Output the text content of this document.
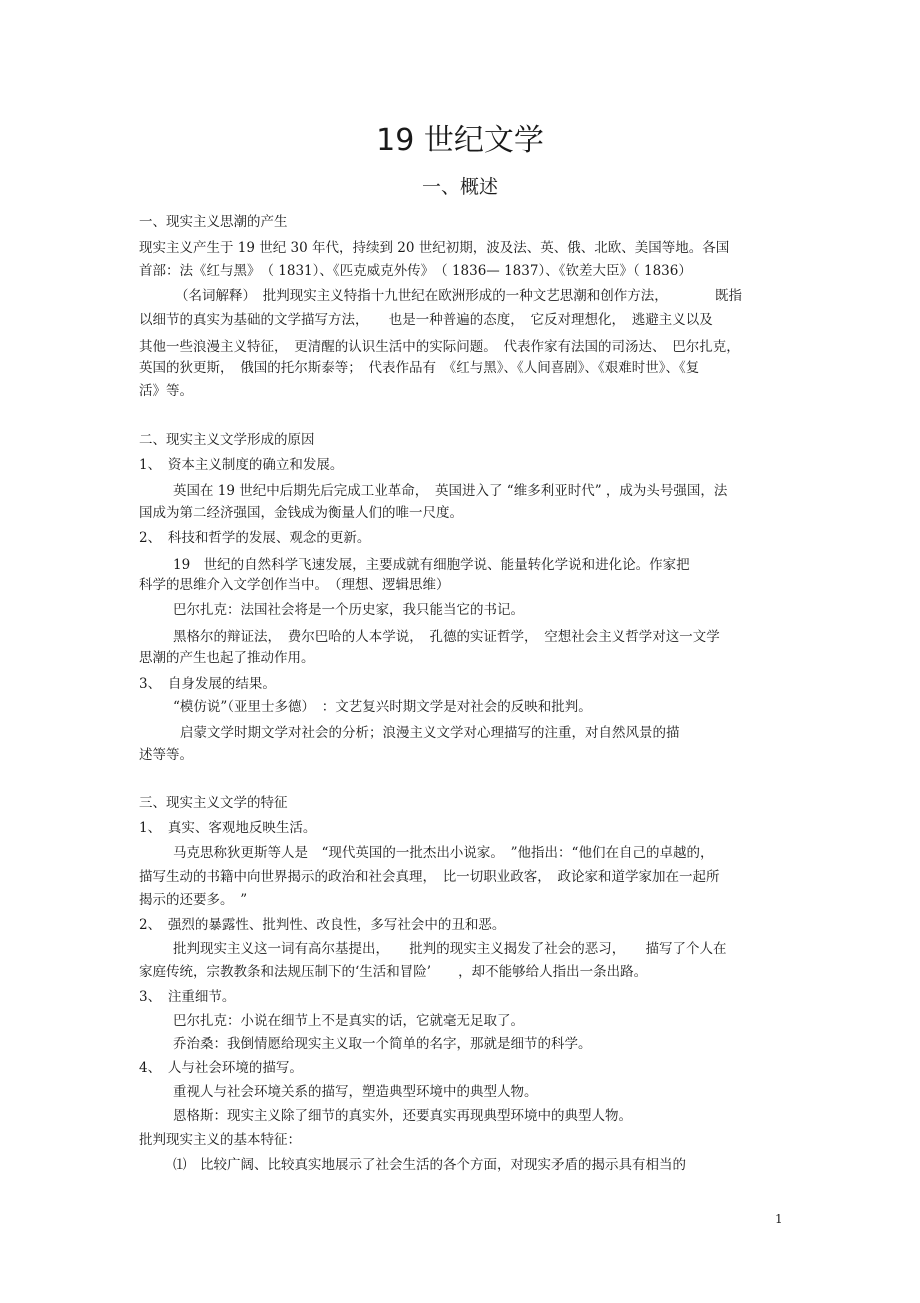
19 世纪文学
一、概述
一、现实主义思潮的产生
现实主义产生于 19 世纪 30 年代，持续到 20 世纪初期，波及法、英、俄、北欧、美国等地。各国
首部：法《红与黑》　（ 1831）、《匹克威克外传》　（ 1836— 1837）、《钦差大臣》（ 1836）
（名词解释）　批判现实主义特指十九世纪在欧洲形成的一种文艺思潮和创作方法，　　　　既指
以细节的真实为基础的文学描写方法，　　也是一种普遍的态度，　它反对理想化，　逃避主义以及
其他一些浪漫主义特征，　更清醒的认识生活中的实际问题。　代表作家有法国的司汤达、　巴尔扎克，
英国的狄更斯，　俄国的托尔斯泰等；　代表作品有　《红与黑》、《人间喜剧》、《艰难时世》、《复
活》等。
二、现实主义文学形成的原因
1、　资本主义制度的确立和发展。
英国在 19 世纪中后期先后完成工业革命，　英国进入了 “维多利亚时代” ，成为头号强国，法
国成为第二经济强国，金钱成为衡量人们的唯一尺度。
2、　科技和哲学的发展、观念的更新。
19　世纪的自然科学飞速发展，主要成就有细胞学说、能量转化学说和进化论。作家把
科学的思维介入文学创作当中。　（理想、逻辑思维）
巴尔扎克：法国社会将是一个历史家，我只能当它的书记。
黑格尔的辩证法，　费尔巴哈的人本学说，　孔德的实证哲学，　空想社会主义哲学对这一文学
思潮的产生也起了推动作用。
3、　自身发展的结果。
“模仿说”（亚里士多德）　：文艺复兴时期文学是对社会的反映和批判。
启蒙文学时期文学对社会的分析；浪漫主义文学对心理描写的注重，对自然风景的描
述等等。
三、现实主义文学的特征
1、　真实、客观地反映生活。
马克思称狄更斯等人是　“现代英国的一批杰出小说家。　”他指出：“他们在自己的卓越的，
描写生动的书籍中向世界揭示的政治和社会真理，　比一切职业政客，　政论家和道学家加在一起所
揭示的还要多。　”
2、　强烈的暴露性、批判性、改良性，多写社会中的丑和恶。
批判现实主义这一词有高尔基提出，　　批判的现实主义揭发了社会的恶习，　　描写了个人在
家庭传统，宗教教条和法规压制下的‘生活和冒险’　　，却不能够给人指出一条出路。
3、　注重细节。
巴尔扎克：小说在细节上不是真实的话，它就毫无足取了。
乔治桑：我倒情愿给现实主义取一个简单的名字，那就是细节的科学。
4、　人与社会环境的描写。
重视人与社会环境关系的描写，塑造典型环境中的典型人物。
恩格斯：现实主义除了细节的真实外，还要真实再现典型环境中的典型人物。
批判现实主义的基本特征：
⑴　比较广阔、比较真实地展示了社会生活的各个方面，对现实矛盾的揭示具有相当的
1
